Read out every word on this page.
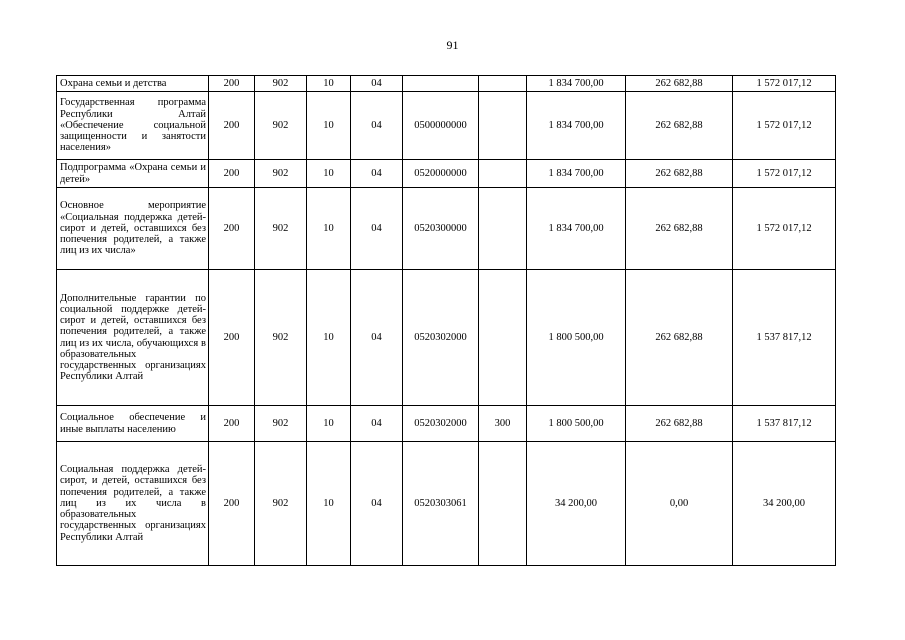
91
Охрана семьи и детства	200	902	10	04			1 834 700,00	262 682,88	1 572 017,12
Государственная программа Республики Алтай «Обеспечение социальной защищенности и занятости населения»	200	902	10	04	0500000000		1 834 700,00	262 682,88	1 572 017,12
Подпрограмма «Охрана семьи и детей»	200	902	10	04	0520000000		1 834 700,00	262 682,88	1 572 017,12
Основное мероприятие «Социальная поддержка детей-сирот и детей, оставшихся без попечения родителей, а также лиц из их числа»	200	902	10	04	0520300000		1 834 700,00	262 682,88	1 572 017,12
Дополнительные гарантии по социальной поддержке детей-сирот и детей, оставшихся без попечения родителей, а также лиц из их числа, обучающихся в образовательных государственных организациях Республики Алтай	200	902	10	04	0520302000		1 800 500,00	262 682,88	1 537 817,12
Социальное обеспечение и иные выплаты населению	200	902	10	04	0520302000	300	1 800 500,00	262 682,88	1 537 817,12
Социальная поддержка детей-сирот, и детей, оставшихся без попечения родителей, а также лиц из их числа в образовательных государственных организациях Республики Алтай	200	902	10	04	0520303061		34 200,00	0,00	34 200,00
